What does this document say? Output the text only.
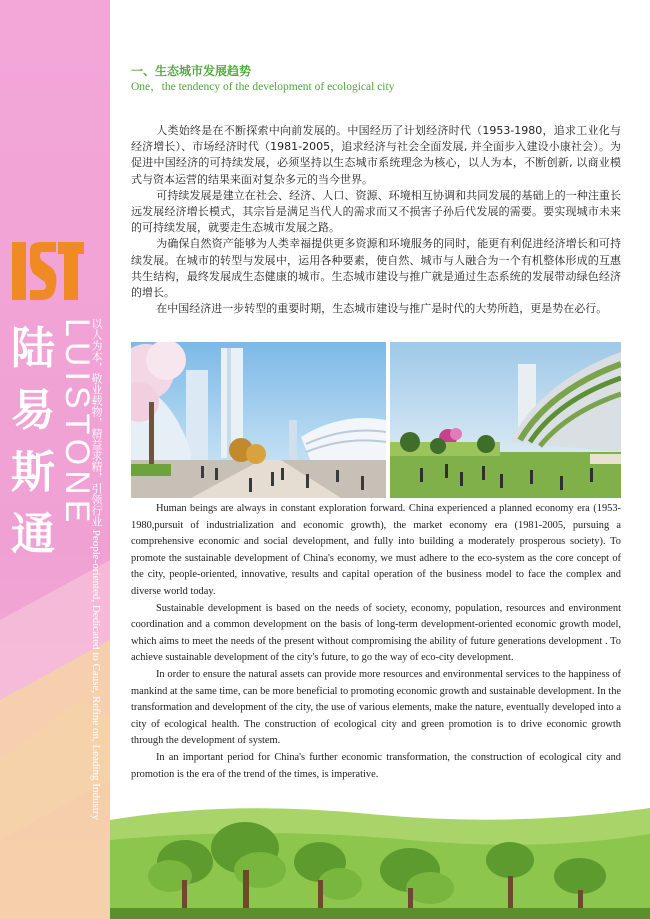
陆
易
斯
通
LUISTONE
以人为本，敬业载物，精益求精，引领行业 People-oriented, Dedicated to Cause, Refine on, Leading Industry
一、生态城市发展趋势
One，the tendency of the development of ecological city

人类始终是在不断探索中向前发展的。中国经历了计划经济时代（1953-1980，追求工业化与经济增长）、市场经济时代（1981-2005，追求经济与社会全面发展, 并全面步入建设小康社会）。为促进中国经济的可持续发展，必须坚持以生态城市系统理念为核心，以人为本，不断创新, 以商业模式与资本运营的结果来面对复杂多元的当今世界。

可持续发展是建立在社会、经济、人口、资源、环境相互协调和共同发展的基础上的一种注重长远发展经济增长模式，其宗旨是满足当代人的需求而又不损害子孙后代发展的需要。要实现城市未来的可持续发展，就要走生态城市发展之路。

为确保自然资产能够为人类幸福提供更多资源和环境服务的同时，能更有利促进经济增长和可持续发展。在城市的转型与发展中，运用各种要素，使自然、城市与人融合为一个有机整体形成的互惠共生结构，最终发展成生态健康的城市。生态城市建设与推广就是通过生态系统的发展带动绿色经济的增长。

在中国经济进一步转型的重要时期，生态城市建设与推广是时代的大势所趋，更是势在必行。

Human beings are always in constant exploration forward. China experienced a planned economy era (1953-1980,pursuit of industrialization and economic growth), the market economy era (1981-2005, pursuing a comprehensive economic and social development, and fully into building a moderately prosperous society). To promote the sustainable development of China's economy, we must adhere to the eco-system as the core concept of the city, people-oriented, innovative, results and capital operation of the business model to face the complex and diverse world today.

Sustainable development is based on the needs of society, economy, population, resources and environment coordination and a common development on the basis of long-term development-oriented economic growth model, which aims to meet the needs of the present without compromising the ability of future generations development . To achieve sustainable development of the city's future, to go the way of eco-city development.

In order to ensure the natural assets can provide more resources and environmental services to the happiness of mankind at the same time, can be more beneficial to promoting economic growth and sustainable development. In the transformation and development of the city, the use of various elements, make the nature, eventually developed into a city of ecological health. The construction of ecological city and green promotion is to drive economic growth through the development of system.

In an important period for China's further economic transformation, the construction of ecological city and promotion is the era of the trend of the times, is imperative.
